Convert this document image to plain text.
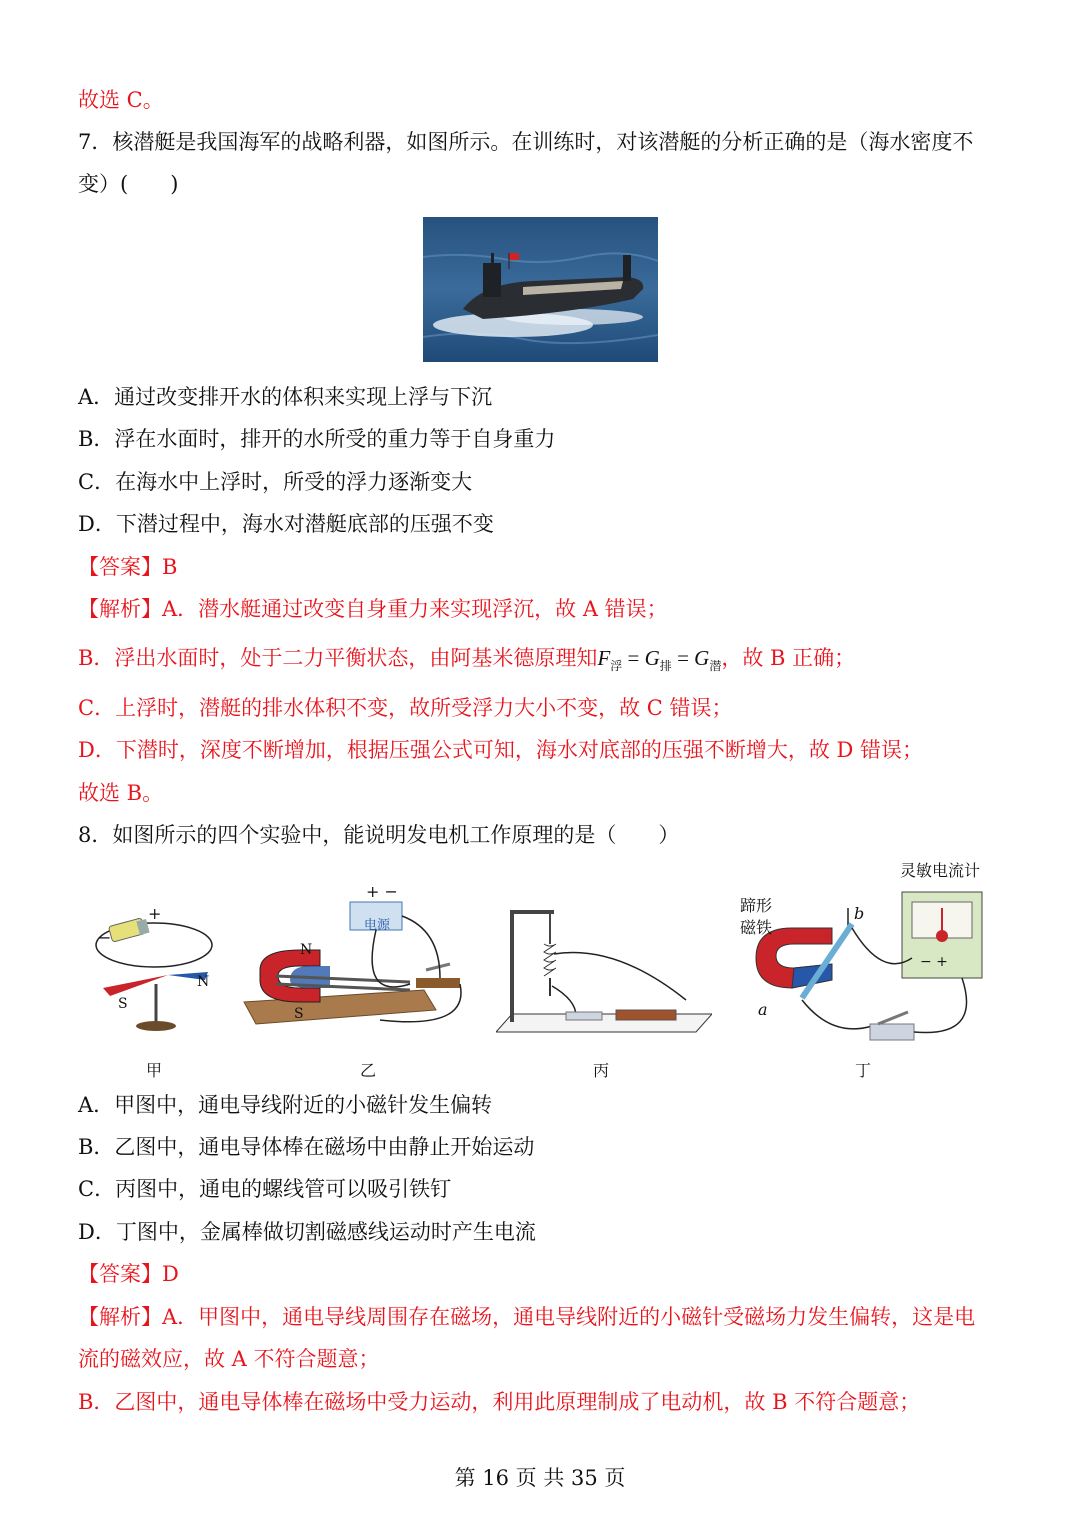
故选 C。
7．核潜艇是我国海军的战略利器，如图所示。在训练时，对该潜艇的分析正确的是（海水密度不
变）(　　)
A．通过改变排开水的体积来实现上浮与下沉
B．浮在水面时，排开的水所受的重力等于自身重力
C．在海水中上浮时，所受的浮力逐渐变大
D．下潜过程中，海水对潜艇底部的压强不变
【答案】B
【解析】A．潜水艇通过改变自身重力来实现浮沉，故 A 错误；
B．浮出水面时，处于二力平衡状态，由阿基米德原理知$F_浮 = G_排 = G_潜$，故 B 正确；
C．上浮时，潜艇的排水体积不变，故所受浮力大小不变，故 C 错误；
D．下潜时，深度不断增加，根据压强公式可知，海水对底部的压强不断增大，故 D 错误；
故选 B。
8．如图所示的四个实验中，能说明发电机工作原理的是（　　）
+
−
S
N
甲
+ −
电源
N
S
乙	丙
灵敏电流计
蹄形
磁铁
b
a
− +
丁
A．甲图中，通电导线附近的小磁针发生偏转
B．乙图中，通电导体棒在磁场中由静止开始运动
C．丙图中，通电的螺线管可以吸引铁钉
D．丁图中，金属棒做切割磁感线运动时产生电流
【答案】D
【解析】A．甲图中，通电导线周围存在磁场，通电导线附近的小磁针受磁场力发生偏转，这是电
流的磁效应，故 A 不符合题意；
B．乙图中，通电导体棒在磁场中受力运动，利用此原理制成了电动机，故 B 不符合题意；
第 16 页 共 35 页
